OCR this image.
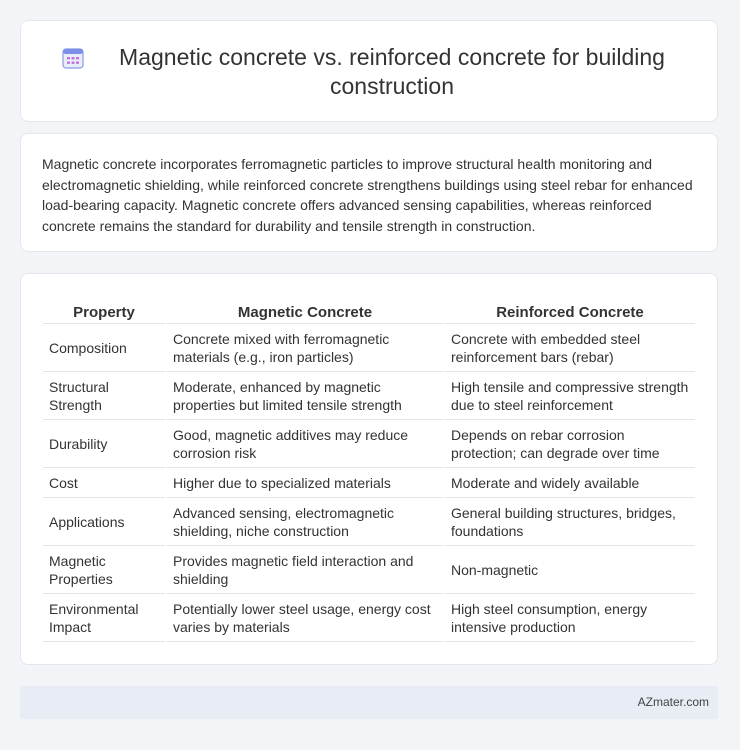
Magnetic concrete vs. reinforced concrete for building construction

Magnetic concrete incorporates ferromagnetic particles to improve structural health monitoring and electromagnetic shielding, while reinforced concrete strengthens buildings using steel rebar for enhanced load-bearing capacity. Magnetic concrete offers advanced sensing capabilities, whereas reinforced concrete remains the standard for durability and tensile strength in construction.

Property	Magnetic Concrete	Reinforced Concrete
Composition	Concrete mixed with ferromagnetic materials (e.g., iron particles)	Concrete with embedded steel reinforcement bars (rebar)
Structural Strength	Moderate, enhanced by magnetic properties but limited tensile strength	High tensile and compressive strength due to steel reinforcement
Durability	Good, magnetic additives may reduce corrosion risk	Depends on rebar corrosion protection; can degrade over time
Cost	Higher due to specialized materials	Moderate and widely available
Applications	Advanced sensing, electromagnetic shielding, niche construction	General building structures, bridges, foundations
Magnetic Properties	Provides magnetic field interaction and shielding	Non-magnetic
Environmental Impact	Potentially lower steel usage, energy cost varies by materials	High steel consumption, energy intensive production
AZmater.com
